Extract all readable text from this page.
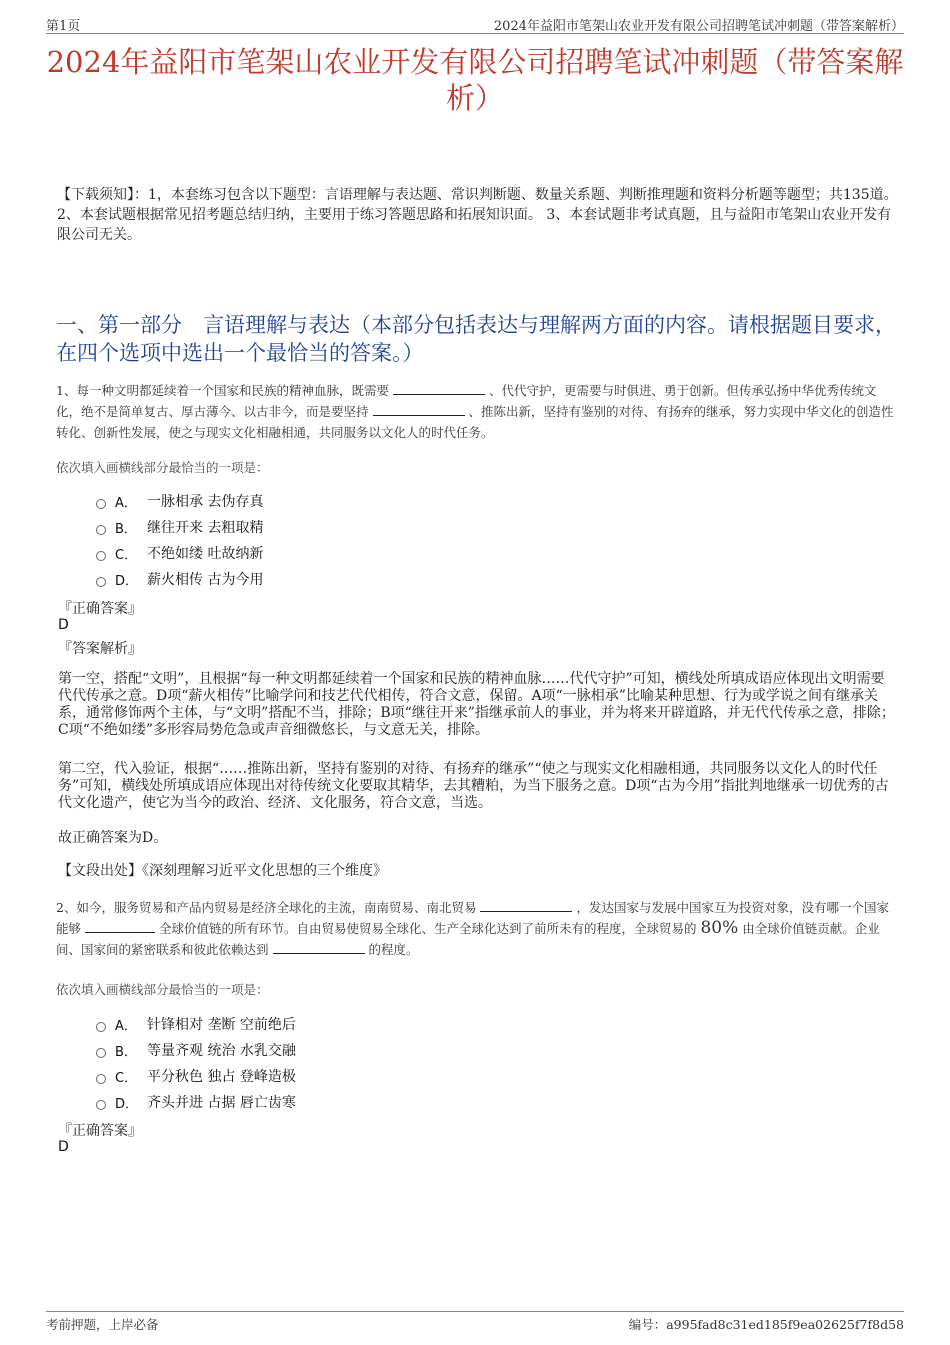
第1页	2024年益阳市笔架山农业开发有限公司招聘笔试冲刺题（带答案解析）
2024年益阳市笔架山农业开发有限公司招聘笔试冲刺题（带答案解析）
【下载须知】：1，本套练习包含以下题型：言语理解与表达题、常识判断题、数量关系题、判断推理题和资料分析题等题型；共135道。 2、本套试题根据常见招考题总结归纳，主要用于练习答题思路和拓展知识面。 3、本套试题非考试真题，且与益阳市笔架山农业开发有限公司无关。
一、第一部分　言语理解与表达（本部分包括表达与理解两方面的内容。请根据题目要求，在四个选项中选出一个最恰当的答案。）
1、每一种文明都延续着一个国家和民族的精神血脉，既需要	、代代守护，更需要与时俱进、勇于创新。但传承弘扬中华优秀传统文化，绝不是简单复古、厚古薄今、以古非今，而是要坚持	、推陈出新，坚持有鉴别的对待、有扬弃的继承，努力实现中华文化的创造性转化、创新性发展，使之与现实文化相融相通，共同服务以文化人的时代任务。
依次填入画横线部分最恰当的一项是：
A． 一脉相承 去伪存真
B． 继往开来 去粗取精
C． 不绝如缕 吐故纳新
D． 薪火相传 古为今用
『正确答案』
D
『答案解析』

第一空，搭配“文明”，且根据“每一种文明都延续着一个国家和民族的精神血脉……代代守护”可知，横线处所填成语应体现出文明需要代代传承之意。D项“薪火相传”比喻学问和技艺代代相传，符合文意，保留。A项“一脉相承”比喻某种思想、行为或学说之间有继承关系，通常修饰两个主体，与“文明”搭配不当，排除；B项“继往开来”指继承前人的事业，并为将来开辟道路，并无代代传承之意，排除；C项“不绝如缕”多形容局势危急或声音细微悠长，与文意无关，排除。

第二空，代入验证，根据“……推陈出新，坚持有鉴别的对待、有扬弃的继承”“使之与现实文化相融相通，共同服务以文化人的时代任务”可知，横线处所填成语应体现出对待传统文化要取其精华，去其糟粕，为当下服务之意。D项“古为今用”指批判地继承一切优秀的古代文化遗产，使它为当今的政治、经济、文化服务，符合文意，当选。

故正确答案为D。

【文段出处】《深刻理解习近平文化思想的三个维度》

2、如今，服务贸易和产品内贸易是经济全球化的主流，南南贸易、南北贸易	，发达国家与发展中国家互为投资对象，没有哪一个国家能够	全球价值链的所有环节。自由贸易使贸易全球化、生产全球化达到了前所未有的程度，全球贸易的 80% 由全球价值链贡献。企业间、国家间的紧密联系和彼此依赖达到	的程度。
依次填入画横线部分最恰当的一项是：
A． 针锋相对 垄断 空前绝后
B． 等量齐观 统治 水乳交融
C． 平分秋色 独占 登峰造极
D． 齐头并进 占据 唇亡齿寒
『正确答案』
D
考前押题，上岸必备	编号：a995fad8c31ed185f9ea02625f7f8d58
